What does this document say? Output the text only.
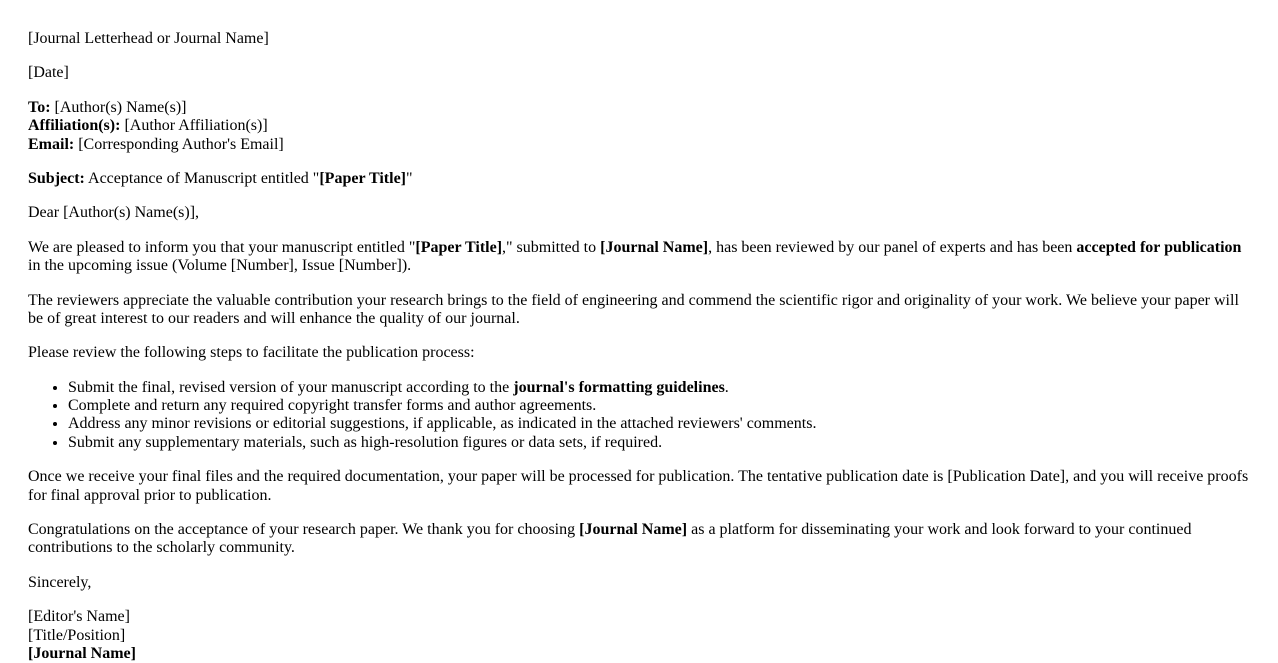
[Journal Letterhead or Journal Name]

[Date]

To: [Author(s) Name(s)]
Affiliation(s): [Author Affiliation(s)]
Email: [Corresponding Author's Email]

Subject: Acceptance of Manuscript entitled "[Paper Title]"

Dear [Author(s) Name(s)],

We are pleased to inform you that your manuscript entitled "[Paper Title]," submitted to [Journal Name], has been reviewed by our panel of experts and has been accepted for publication in the upcoming issue (Volume [Number], Issue [Number]).

The reviewers appreciate the valuable contribution your research brings to the field of engineering and commend the scientific rigor and originality of your work. We believe your paper will be of great interest to our readers and will enhance the quality of our journal.

Please review the following steps to facilitate the publication process:

• Submit the final, revised version of your manuscript according to the journal's formatting guidelines.
• Complete and return any required copyright transfer forms and author agreements.
• Address any minor revisions or editorial suggestions, if applicable, as indicated in the attached reviewers' comments.
• Submit any supplementary materials, such as high-resolution figures or data sets, if required.

Once we receive your final files and the required documentation, your paper will be processed for publication. The tentative publication date is [Publication Date], and you will receive proofs for final approval prior to publication.

Congratulations on the acceptance of your research paper. We thank you for choosing [Journal Name] as a platform for disseminating your work and look forward to your continued contributions to the scholarly community.

Sincerely,

[Editor's Name]
[Title/Position]
[Journal Name]
